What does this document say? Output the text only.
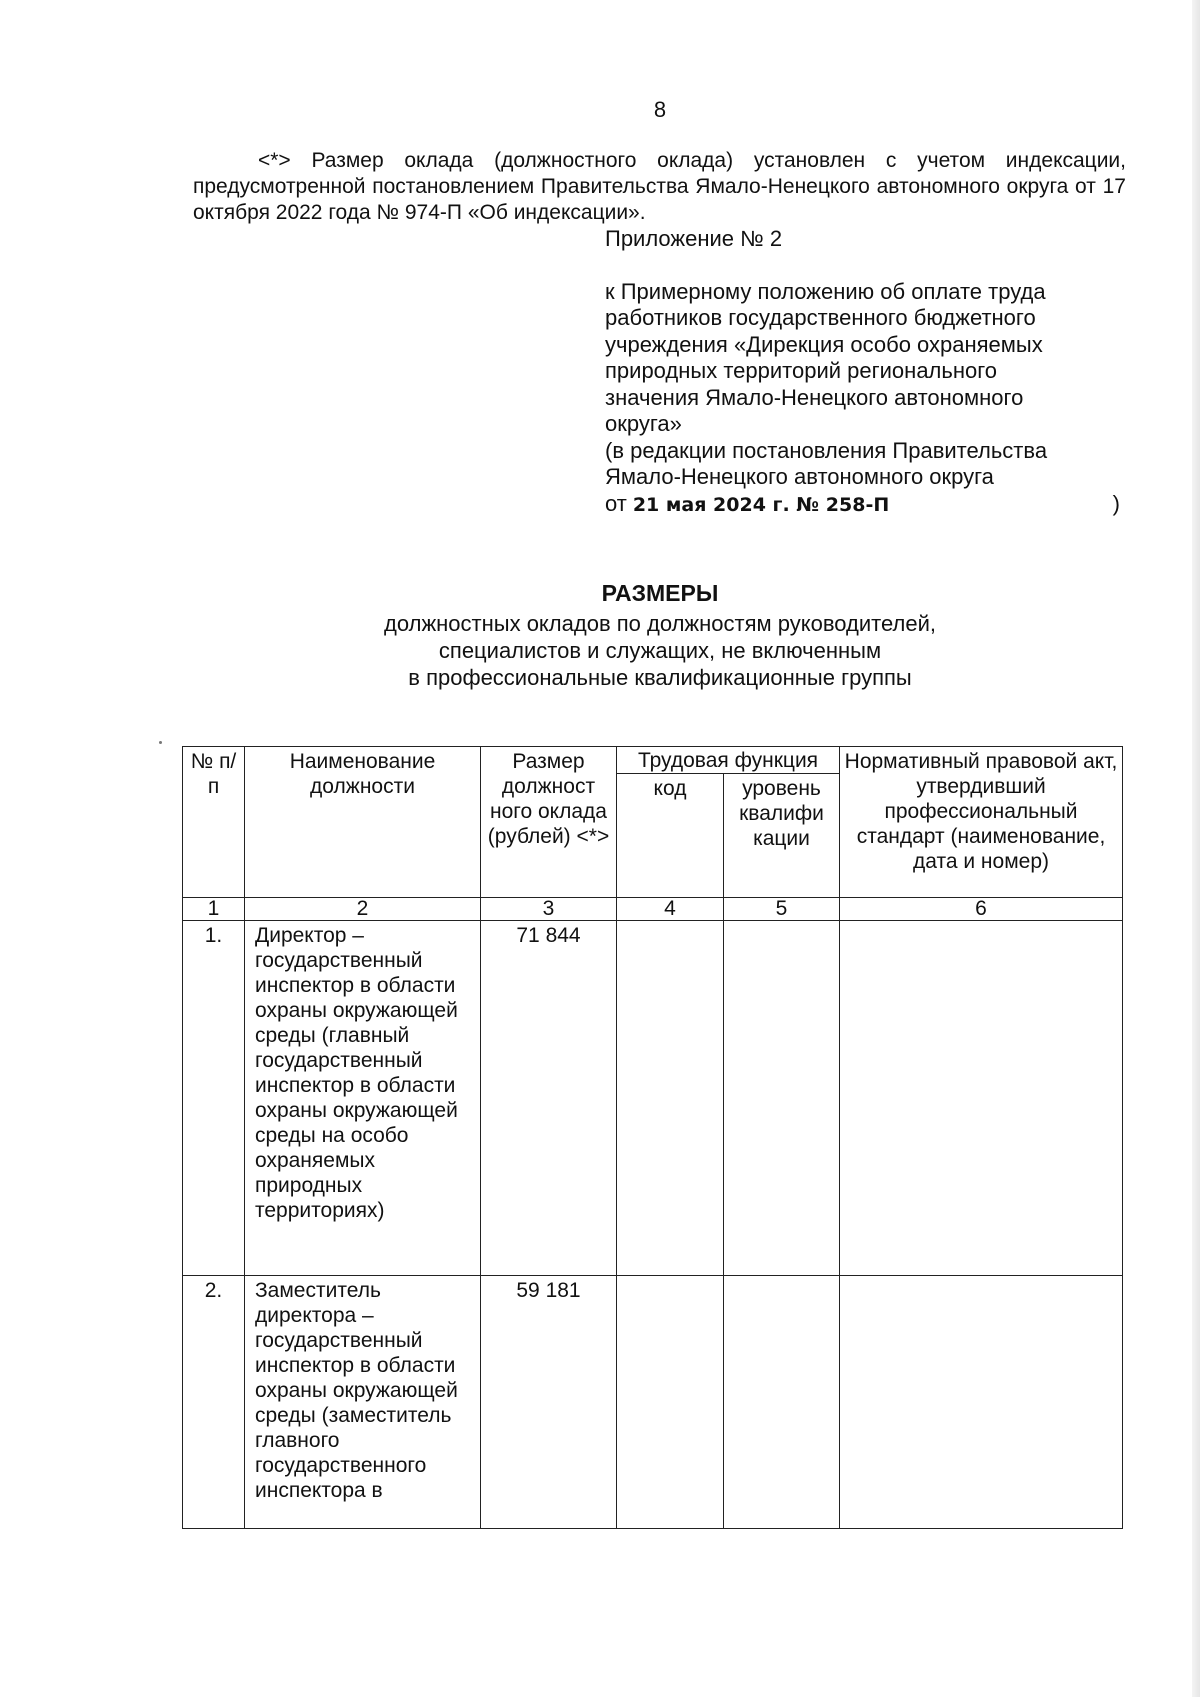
8
<*> Размер оклада (должностного оклада) установлен с учетом индексации, предусмотренной постановлением Правительства Ямало-Ненецкого автономного округа от 17 октября 2022 года № 974-П «Об индексации».
Приложение № 2
к Примерному положению об оплате труда
работников государственного бюджетного
учреждения «Дирекция особо охраняемых
природных территорий регионального
значения Ямало-Ненецкого автономного
округа»
(в редакции постановления Правительства
Ямало-Ненецкого автономного округа
от 21 мая 2024 г. № 258-П	)
РАЗМЕРЫ
должностных окладов по должностям руководителей,
специалистов и служащих, не включенным
в профессиональные квалификационные группы
№ п/п	Наименование должности	Размер должност ного оклада (рублей) <*>	Трудовая функция		Нормативный правовой акт, утвердивший профессиональный стандарт (наименование, дата и номер)
			код	уровень квалифи кации	
1	2	3	4	5	6
1.	Директор – государственный инспектор в области охраны окружающей среды (главный государственный инспектор в области охраны окружающей среды на особо охраняемых природных территориях)	71 844			
2.	Заместитель директора – государственный инспектор в области охраны окружающей среды (заместитель главного государственного инспектора в	59 181			
